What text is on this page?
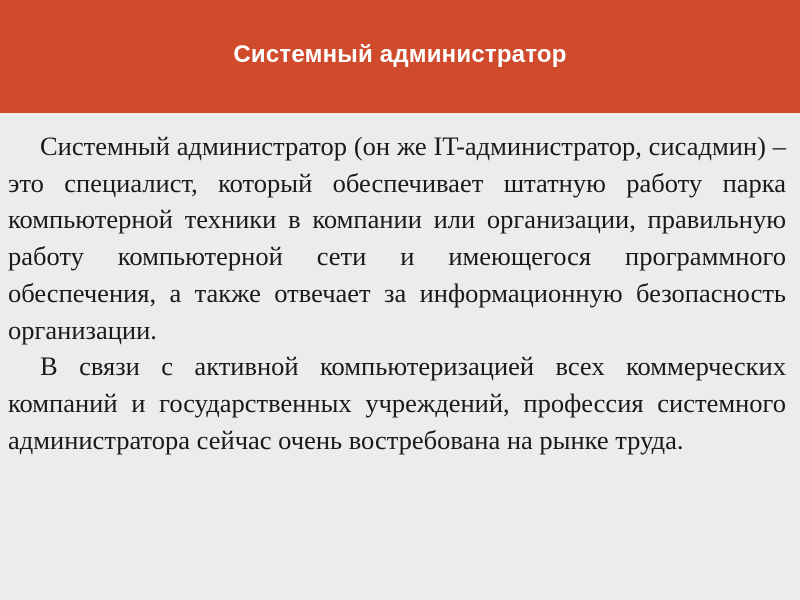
Системный администратор

Системный администратор (он же IT-администратор, сисадмин) – это специалист, который обеспечивает штатную работу парка компьютерной техники в компании или организации, правильную работу компьютерной сети и имеющегося программного обеспечения, а также отвечает за информационную безопасность организации.

В связи с активной компьютеризацией всех коммерческих компаний и государственных учреждений, профессия системного администратора сейчас очень востребована на рынке труда.
